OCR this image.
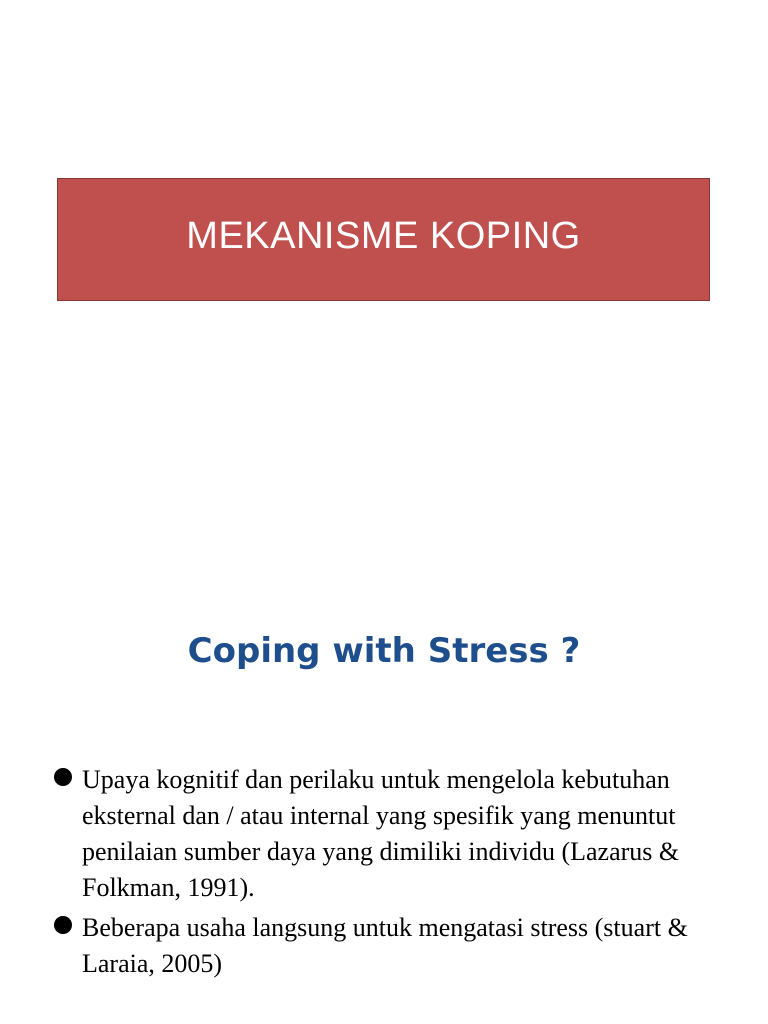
MEKANISME KOPING
Coping with Stress ?
Upaya kognitif dan perilaku untuk mengelola kebutuhan eksternal dan / atau internal yang spesifik yang menuntut penilaian sumber daya yang dimiliki individu (Lazarus & Folkman, 1991).
Beberapa usaha langsung untuk mengatasi stress (stuart & Laraia, 2005)
